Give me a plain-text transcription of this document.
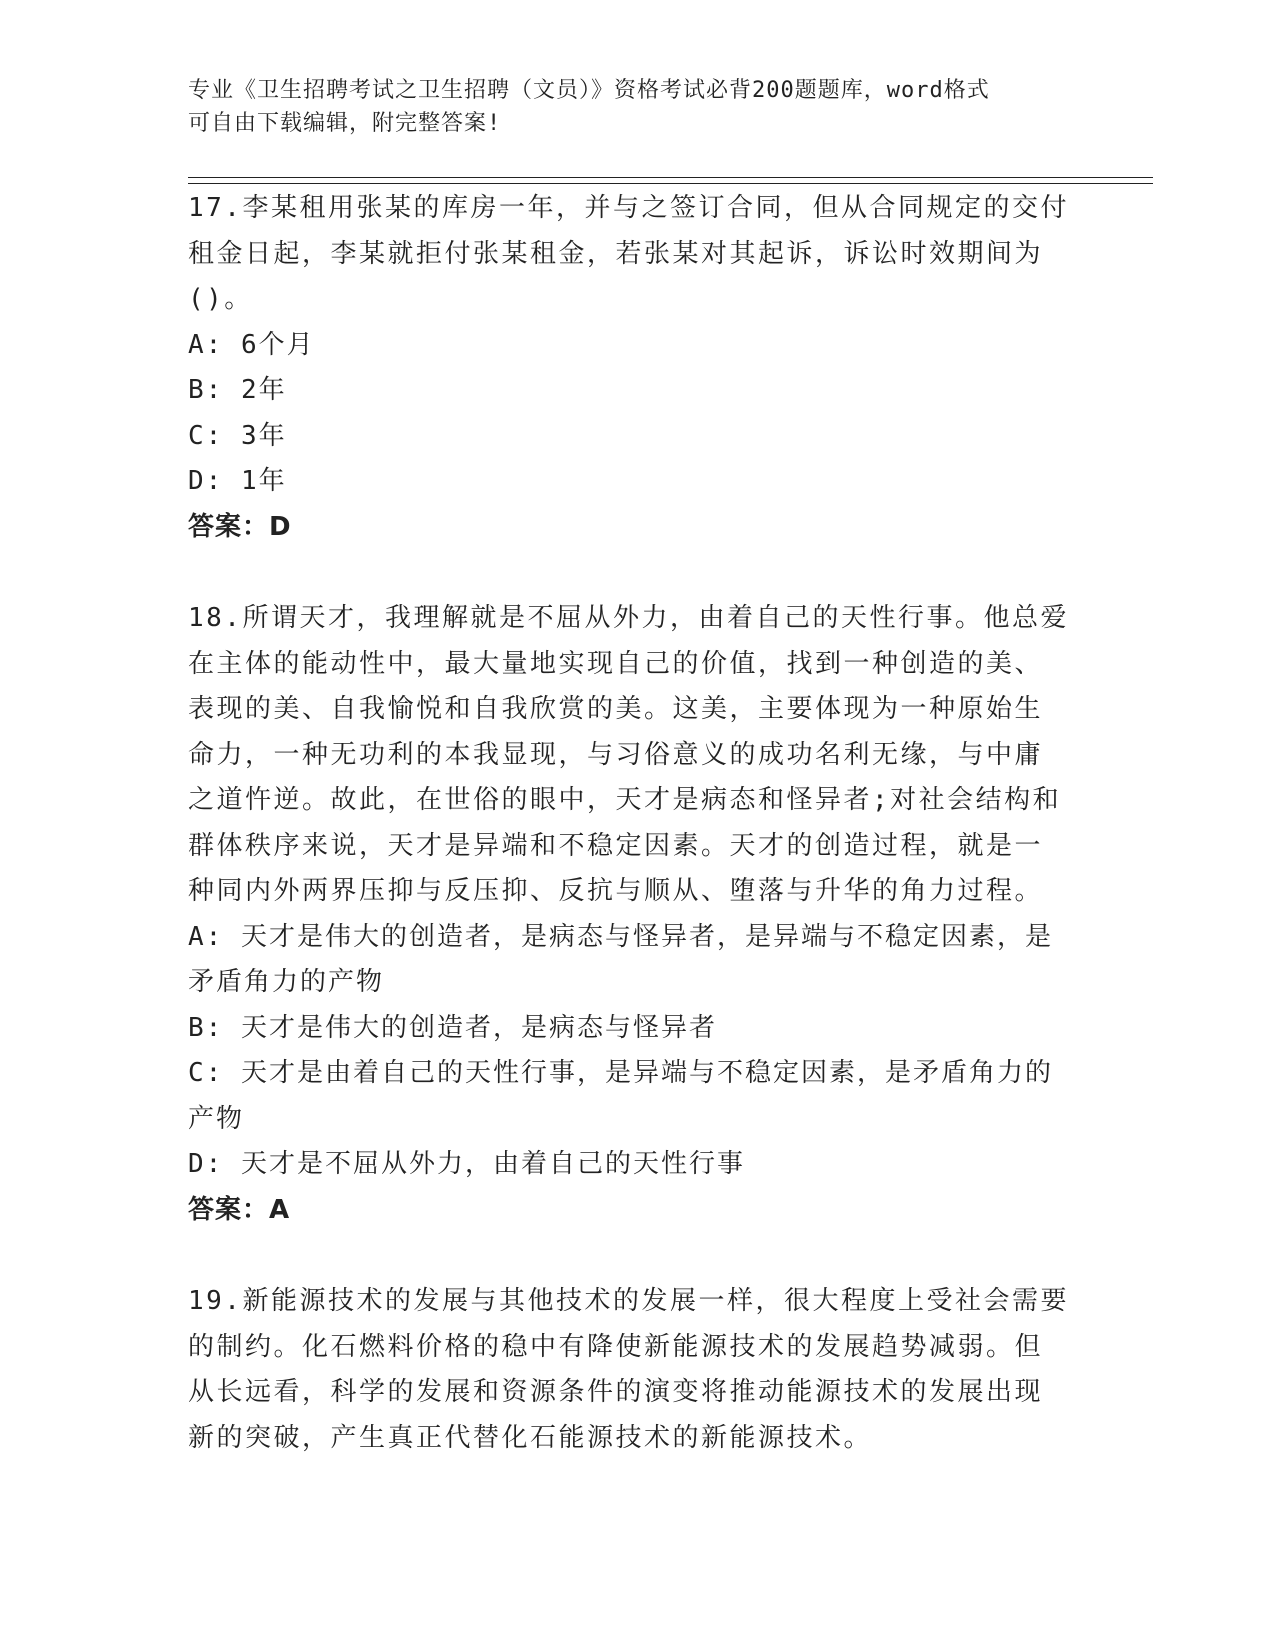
专业《卫生招聘考试之卫生招聘（文员）》资格考试必背200题题库，word格式
可自由下载编辑，附完整答案!

17.李某租用张某的库房一年，并与之签订合同，但从合同规定的交付

租金日起，李某就拒付张某租金，若张某对其起诉，诉讼时效期间为

()。

A: 6个月

B: 2年

C: 3年

D: 1年

答案：D

18.所谓天才，我理解就是不屈从外力，由着自己的天性行事。他总爱

在主体的能动性中，最大量地实现自己的价值，找到一种创造的美、

表现的美、自我愉悦和自我欣赏的美。这美，主要体现为一种原始生

命力，一种无功利的本我显现，与习俗意义的成功名利无缘，与中庸

之道忤逆。故此，在世俗的眼中，天才是病态和怪异者;对社会结构和

群体秩序来说，天才是异端和不稳定因素。天才的创造过程，就是一

种同内外两界压抑与反压抑、反抗与顺从、堕落与升华的角力过程。

A: 天才是伟大的创造者，是病态与怪异者，是异端与不稳定因素，是

矛盾角力的产物

B: 天才是伟大的创造者，是病态与怪异者

C: 天才是由着自己的天性行事，是异端与不稳定因素，是矛盾角力的

产物

D: 天才是不屈从外力，由着自己的天性行事

答案：A

19.新能源技术的发展与其他技术的发展一样，很大程度上受社会需要

的制约。化石燃料价格的稳中有降使新能源技术的发展趋势减弱。但

从长远看，科学的发展和资源条件的演变将推动能源技术的发展出现

新的突破，产生真正代替化石能源技术的新能源技术。
